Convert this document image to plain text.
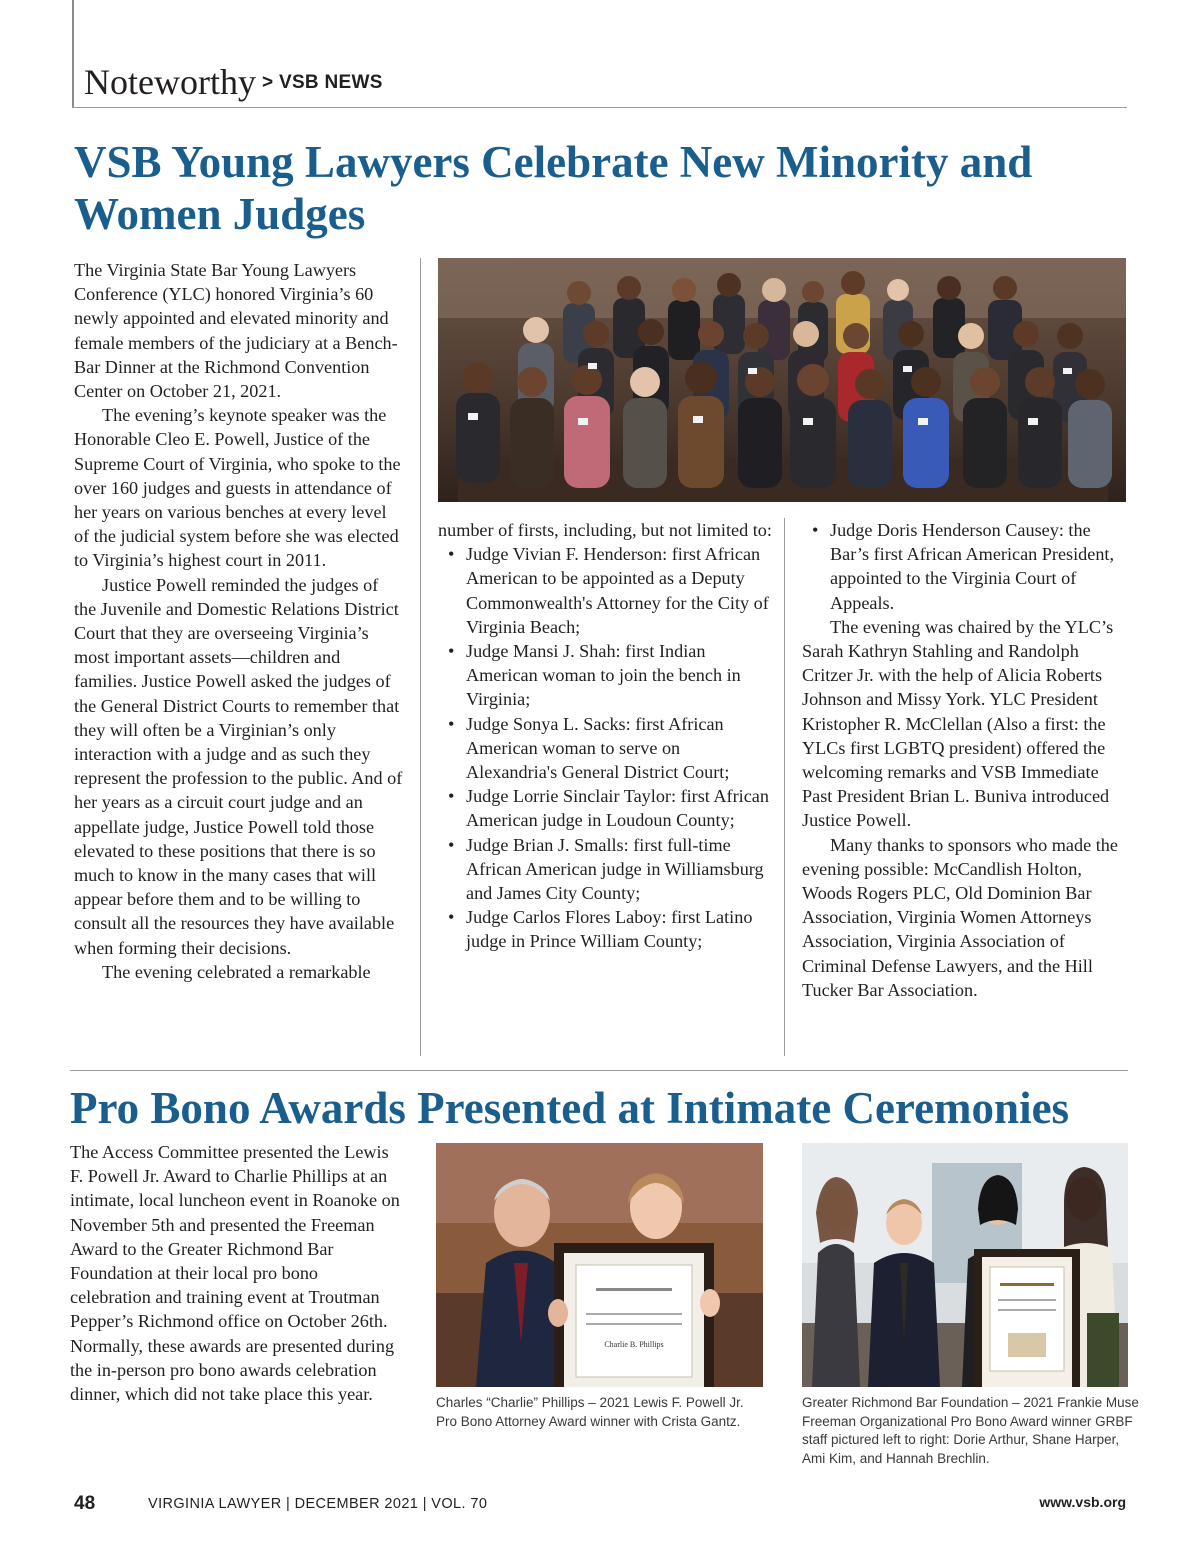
Noteworthy > VSB NEWS
VSB Young Lawyers Celebrate New Minority and Women Judges

The Virginia State Bar Young Lawyers Conference (YLC) honored Virginia’s 60 newly appointed and elevated minority and female members of the judiciary at a Bench-Bar Dinner at the Richmond Convention Center on October 21, 2021.

The evening’s keynote speaker was the Honorable Cleo E. Powell, Justice of the Supreme Court of Virginia, who spoke to the over 160 judges and guests in attendance of her years on various benches at every level of the judicial system before she was elected to Virginia’s highest court in 2011.

Justice Powell reminded the judges of the Juvenile and Domestic Relations District Court that they are overseeing Virginia’s most important assets—children and families. Justice Powell asked the judges of the General District Courts to remember that they will often be a Virginian’s only interaction with a judge and as such they represent the profession to the public. And of her years as a circuit court judge and an appellate judge, Justice Powell told those elevated to these positions that there is so much to know in the many cases that will appear before them and to be willing to consult all the resources they have available when forming their decisions.

The evening celebrated a remarkable

number of firsts, including, but not limited to:

• Judge Vivian F. Henderson: first African American to be appointed as a Deputy Commonwealth's Attorney for the City of Virginia Beach;
• Judge Mansi J. Shah: first Indian American woman to join the bench in Virginia;
• Judge Sonya L. Sacks: first African American woman to serve on Alexandria's General District Court;
• Judge Lorrie Sinclair Taylor: first African American judge in Loudoun County;
• Judge Brian J. Smalls: first full-time African American judge in Williamsburg and James City County;
• Judge Carlos Flores Laboy: first Latino judge in Prince William County;
• Judge Doris Henderson Causey: the Bar’s first African American President, appointed to the Virginia Court of Appeals.

The evening was chaired by the YLC’s Sarah Kathryn Stahling and Randolph Critzer Jr. with the help of Alicia Roberts Johnson and Missy York. YLC President Kristopher R. McClellan (Also a first: the YLCs first LGBTQ president) offered the welcoming remarks and VSB Immediate Past President Brian L. Buniva introduced Justice Powell.

Many thanks to sponsors who made the evening possible: McCandlish Holton, Woods Rogers PLC, Old Dominion Bar Association, Virginia Women Attorneys Association, Virginia Association of Criminal Defense Lawyers, and the Hill Tucker Bar Association.

Pro Bono Awards Presented at Intimate Ceremonies

The Access Committee presented the Lewis F. Powell Jr. Award to Charlie Phillips at an intimate, local luncheon event in Roanoke on November 5th and presented the Freeman Award to the Greater Richmond Bar Foundation at their local pro bono celebration and training event at Troutman Pepper’s Richmond office on October 26th. Normally, these awards are presented during the in-person pro bono awards celebration dinner, which did not take place this year.

Charlie B. Phillips
Charles “Charlie” Phillips – 2021 Lewis F. Powell Jr. Pro Bono Attorney Award winner with Crista Gantz.
Greater Richmond Bar Foundation – 2021 Frankie Muse Freeman Organizational Pro Bono Award winner GRBF staff pictured left to right: Dorie Arthur, Shane Harper, Ami Kim, and Hannah Brechlin.
48	VIRGINIA LAWYER | DECEMBER 2021 | VOL. 70	www.vsb.org
